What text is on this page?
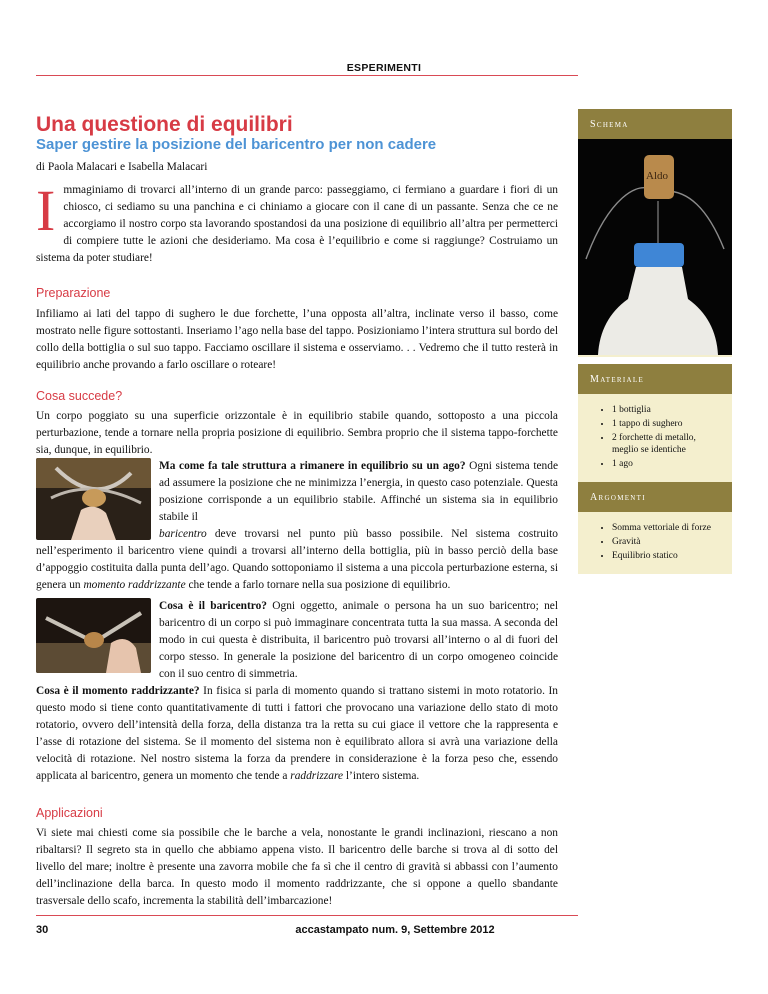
ESPERIMENTI
Una questione di equilibri
Saper gestire la posizione del baricentro per non cadere
di Paola Malacari e Isabella Malacari
I mmaginiamo di trovarci all’interno di un grande parco: passeggiamo, ci fermiano a guardare i fiori di un chiosco, ci sediamo su una panchina e ci chiniamo a giocare con il cane di un passante. Senza che ce ne accorgiamo il nostro corpo sta lavorando spostandosi da una posizione di equilibrio all’altra per permetterci di compiere tutte le azioni che desideriamo. Ma cosa è l’equilibrio e come si raggiunge? Costruiamo un sistema da poter studiare!
Preparazione

Infiliamo ai lati del tappo di sughero le due forchette, l’una opposta all’altra, inclinate verso il basso, come mostrato nelle figure sottostanti. Inseriamo l’ago nella base del tappo. Posizioniamo l’intera struttura sul bordo del collo della bottiglia o sul suo tappo. Facciamo oscillare il sistema e osserviamo. . . Vedremo che il tutto resterà in equilibrio anche provando a farlo oscillare o roteare!

Cosa succede?

Un corpo poggiato su una superficie orizzontale è in equilibrio stabile quando, sottoposto a una piccola perturbazione, tende a tornare nella propria posizione di equilibrio. Sembra proprio che il sistema tappo-forchette sia, dunque, in equilibrio.

Ma come fa tale struttura a rimanere in equilibrio su un ago? Ogni sistema tende ad assumere la posizione che ne minimizza l’energia, in questo caso potenziale. Questa posizione corrisponde a un equilibrio stabile. Affinché un sistema sia in equilibrio stabile il

baricentro deve trovarsi nel punto più basso possibile. Nel sistema costruito nell’esperimento il baricentro viene quindi a trovarsi all’interno della bottiglia, più in basso perciò della base d’appoggio costituita dalla punta dell’ago. Quando sottoponiamo il sistema a una piccola perturbazione esterna, si genera un momento raddrizzante che tende a farlo tornare nella sua posizione di equilibrio.

Cosa è il baricentro? Ogni oggetto, animale o persona ha un suo baricentro; nel baricentro di un corpo si può immaginare concentrata tutta la sua massa. A seconda del modo in cui questa è distribuita, il baricentro può trovarsi all’interno o al di fuori del corpo stesso. In generale la posizione del baricentro di un corpo omogeneo coincide con il suo centro di simmetria.

Cosa è il momento raddrizzante? In fisica si parla di momento quando si trattano sistemi in moto rotatorio. In questo modo si tiene conto quantitativamente di tutti i fattori che provocano una variazione dello stato di moto rotatorio, ovvero dell’intensità della forza, della distanza tra la retta su cui giace il vettore che la rappresenta e l’asse di rotazione del sistema. Se il momento del sistema non è equilibrato allora si avrà una variazione della velocità di rotazione. Nel nostro sistema la forza da prendere in considerazione è la forza peso che, essendo applicata al baricentro, genera un momento che tende a raddrizzare l’intero sistema.

Applicazioni

Vi siete mai chiesti come sia possibile che le barche a vela, nonostante le grandi inclinazioni, riescano a non ribaltarsi? Il segreto sta in quello che abbiamo appena visto. Il baricentro delle barche si trova al di sotto del livello del mare; inoltre è presente una zavorra mobile che fa sì che il centro di gravità si abbassi con l’aumento dell’inclinazione della barca. In questo modo il momento raddrizzante, che si oppone a quello sbandante trasversale dello scafo, incrementa la stabilità dell’imbarcazione!

30	accastampato num. 9, Settembre 2012
Schema
Aldo
Materiale
• 1 bottiglia
• 1 tappo di sughero
• 2 forchette di metallo, meglio se identiche
• 1 ago
Argomenti
• Somma vettoriale di forze
• Gravità
• Equilibrio statico
